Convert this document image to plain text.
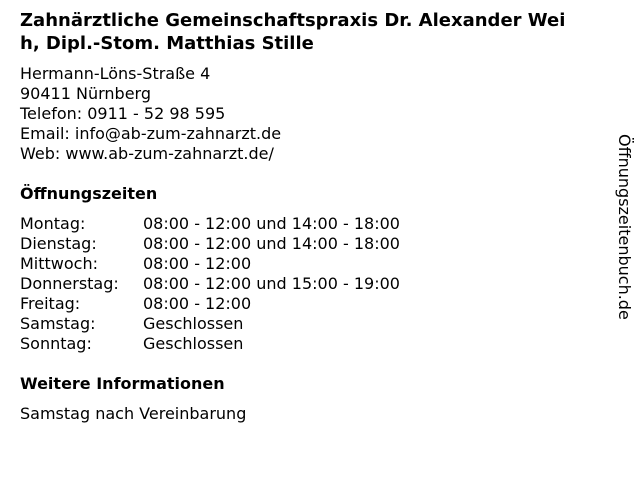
Zahnärztliche Gemeinschaftspraxis Dr. Alexander Weih, Dipl.-Stom. Matthias Stille
Hermann-Löns-Straße 4
90411 Nürnberg
Telefon: 0911 - 52 98 595
Email: info@ab-zum-zahnarzt.de
Web: www.ab-zum-zahnarzt.de/
Öffnungszeiten
Montag:	08:00 - 12:00 und 14:00 - 18:00
Dienstag:	08:00 - 12:00 und 14:00 - 18:00
Mittwoch:	08:00 - 12:00
Donnerstag:	08:00 - 12:00 und 15:00 - 19:00
Freitag:	08:00 - 12:00
Samstag:	Geschlossen
Sonntag:	Geschlossen
Weitere Informationen
Samstag nach Vereinbarung
Öffnungszeitenbuch.de
